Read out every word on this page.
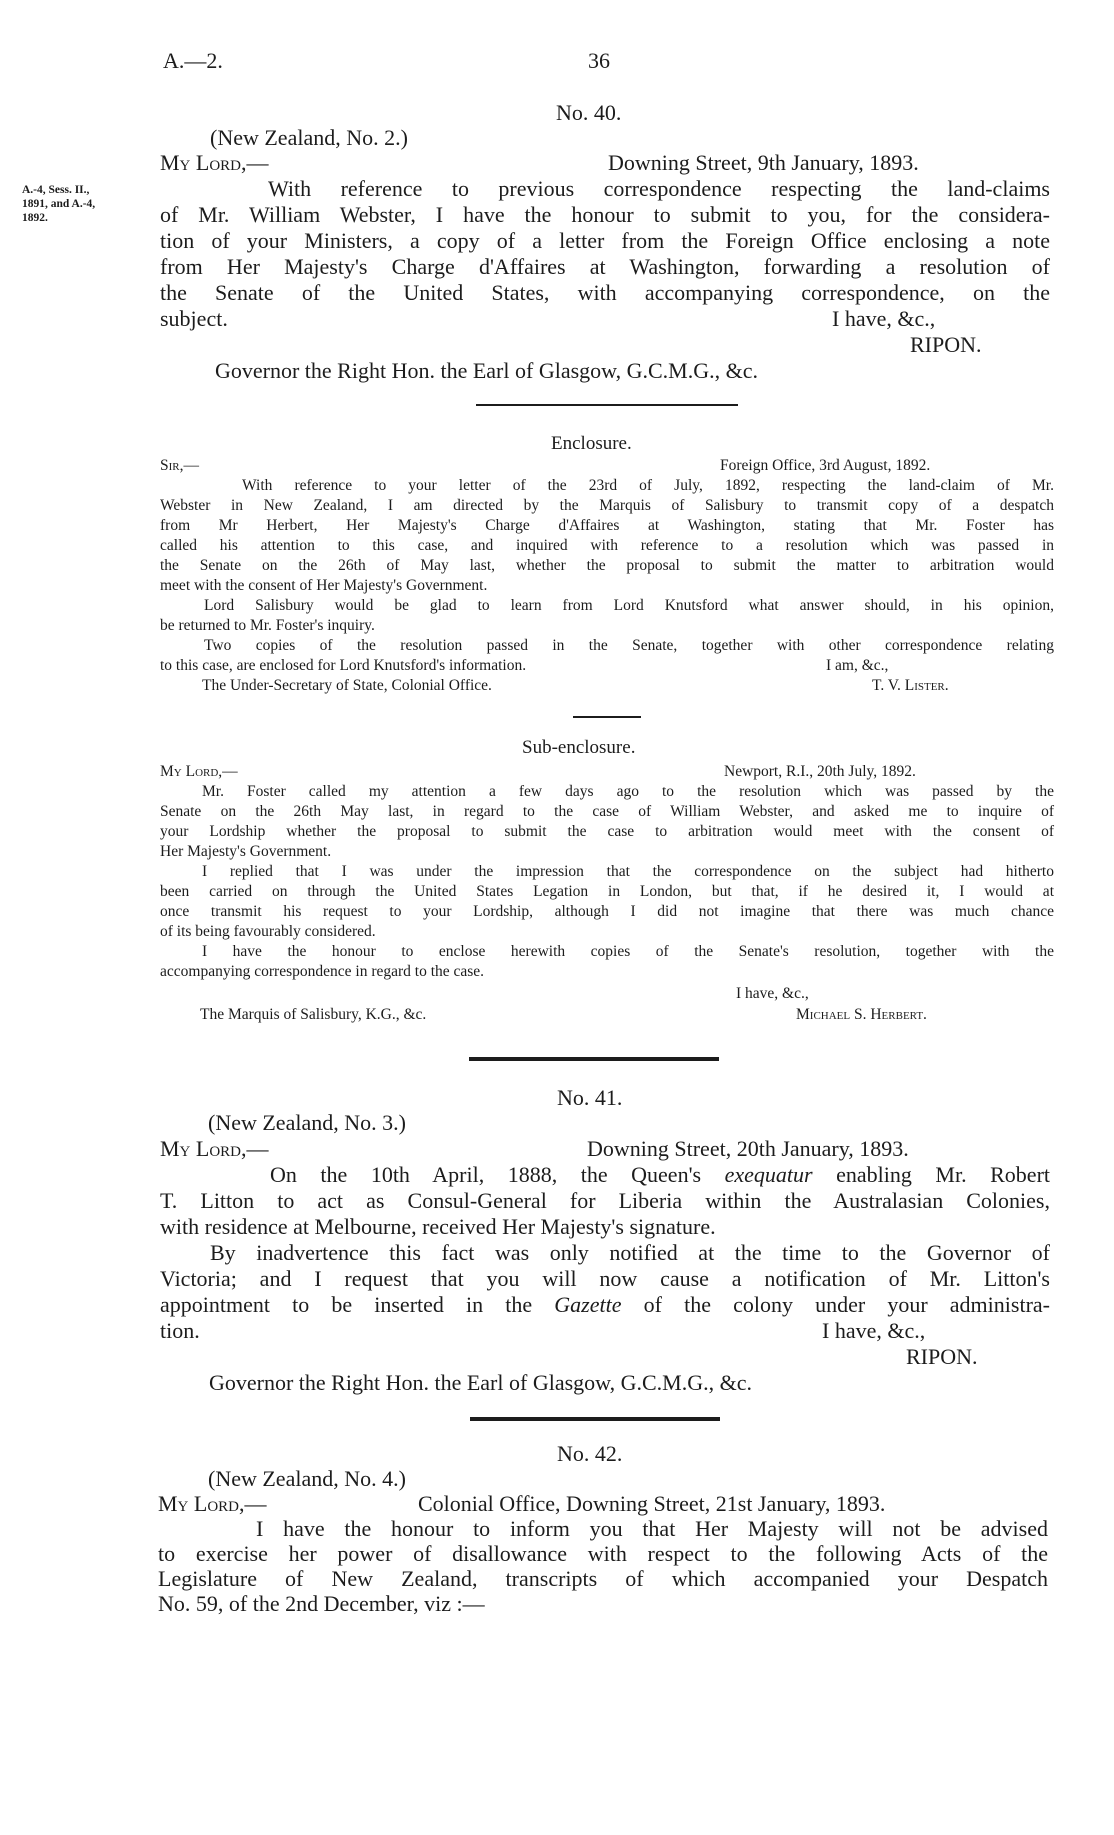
A.—2.	36
A.-4, Sess. II.,
1891, and A.-4,
1892.
No. 40.
(New Zealand, No. 2.)
My Lord,—	Downing Street, 9th January, 1893.
With reference to previous correspondence respecting the land-claims
of Mr. William Webster, I have the honour to submit to you, for the considera-
tion of your Ministers, a copy of a letter from the Foreign Office enclosing a note
from Her Majesty's Charge d'Affaires at Washington, forwarding a resolution of
the Senate of the United States, with accompanying correspondence, on the
subject.	I have, &c.,
RIPON.
Governor the Right Hon. the Earl of Glasgow, G.C.M.G., &c.
Enclosure.
Sir,—	Foreign Office, 3rd August, 1892.
With reference to your letter of the 23rd of July, 1892, respecting the land-claim of Mr.
Webster in New Zealand, I am directed by the Marquis of Salisbury to transmit copy of a despatch
from Mr Herbert, Her Majesty's Charge d'Affaires at Washington, stating that Mr. Foster has
called his attention to this case, and inquired with reference to a resolution which was passed in
the Senate on the 26th of May last, whether the proposal to submit the matter to arbitration would
meet with the consent of Her Majesty's Government.
Lord Salisbury would be glad to learn from Lord Knutsford what answer should, in his opinion,
be returned to Mr. Foster's inquiry.
Two copies of the resolution passed in the Senate, together with other correspondence relating
to this case, are enclosed for Lord Knutsford's information.	I am, &c.,
The Under-Secretary of State, Colonial Office.	T. V. Lister.
Sub-enclosure.
My Lord,—	Newport, R.I., 20th July, 1892.
Mr. Foster called my attention a few days ago to the resolution which was passed by the
Senate on the 26th May last, in regard to the case of William Webster, and asked me to inquire of
your Lordship whether the proposal to submit the case to arbitration would meet with the consent of
Her Majesty's Government.
I replied that I was under the impression that the correspondence on the subject had hitherto
been carried on through the United States Legation in London, but that, if he desired it, I would at
once transmit his request to your Lordship, although I did not imagine that there was much chance
of its being favourably considered.
I have the honour to enclose herewith copies of the Senate's resolution, together with the
accompanying correspondence in regard to the case.
I have, &c.,
The Marquis of Salisbury, K.G., &c.	Michael S. Herbert.
No. 41.
(New Zealand, No. 3.)
My Lord,—	Downing Street, 20th January, 1893.
On the 10th April, 1888, the Queen's exequatur enabling Mr. Robert
T. Litton to act as Consul-General for Liberia within the Australasian Colonies,
with residence at Melbourne, received Her Majesty's signature.
By inadvertence this fact was only notified at the time to the Governor of
Victoria; and I request that you will now cause a notification of Mr. Litton's
appointment to be inserted in the Gazette of the colony under your administra-
tion.	I have, &c.,
RIPON.
Governor the Right Hon. the Earl of Glasgow, G.C.M.G., &c.
No. 42.
(New Zealand, No. 4.)
My Lord,—	Colonial Office, Downing Street, 21st January, 1893.
I have the honour to inform you that Her Majesty will not be advised
to exercise her power of disallowance with respect to the following Acts of the
Legislature of New Zealand, transcripts of which accompanied your Despatch
No. 59, of the 2nd December, viz :—
